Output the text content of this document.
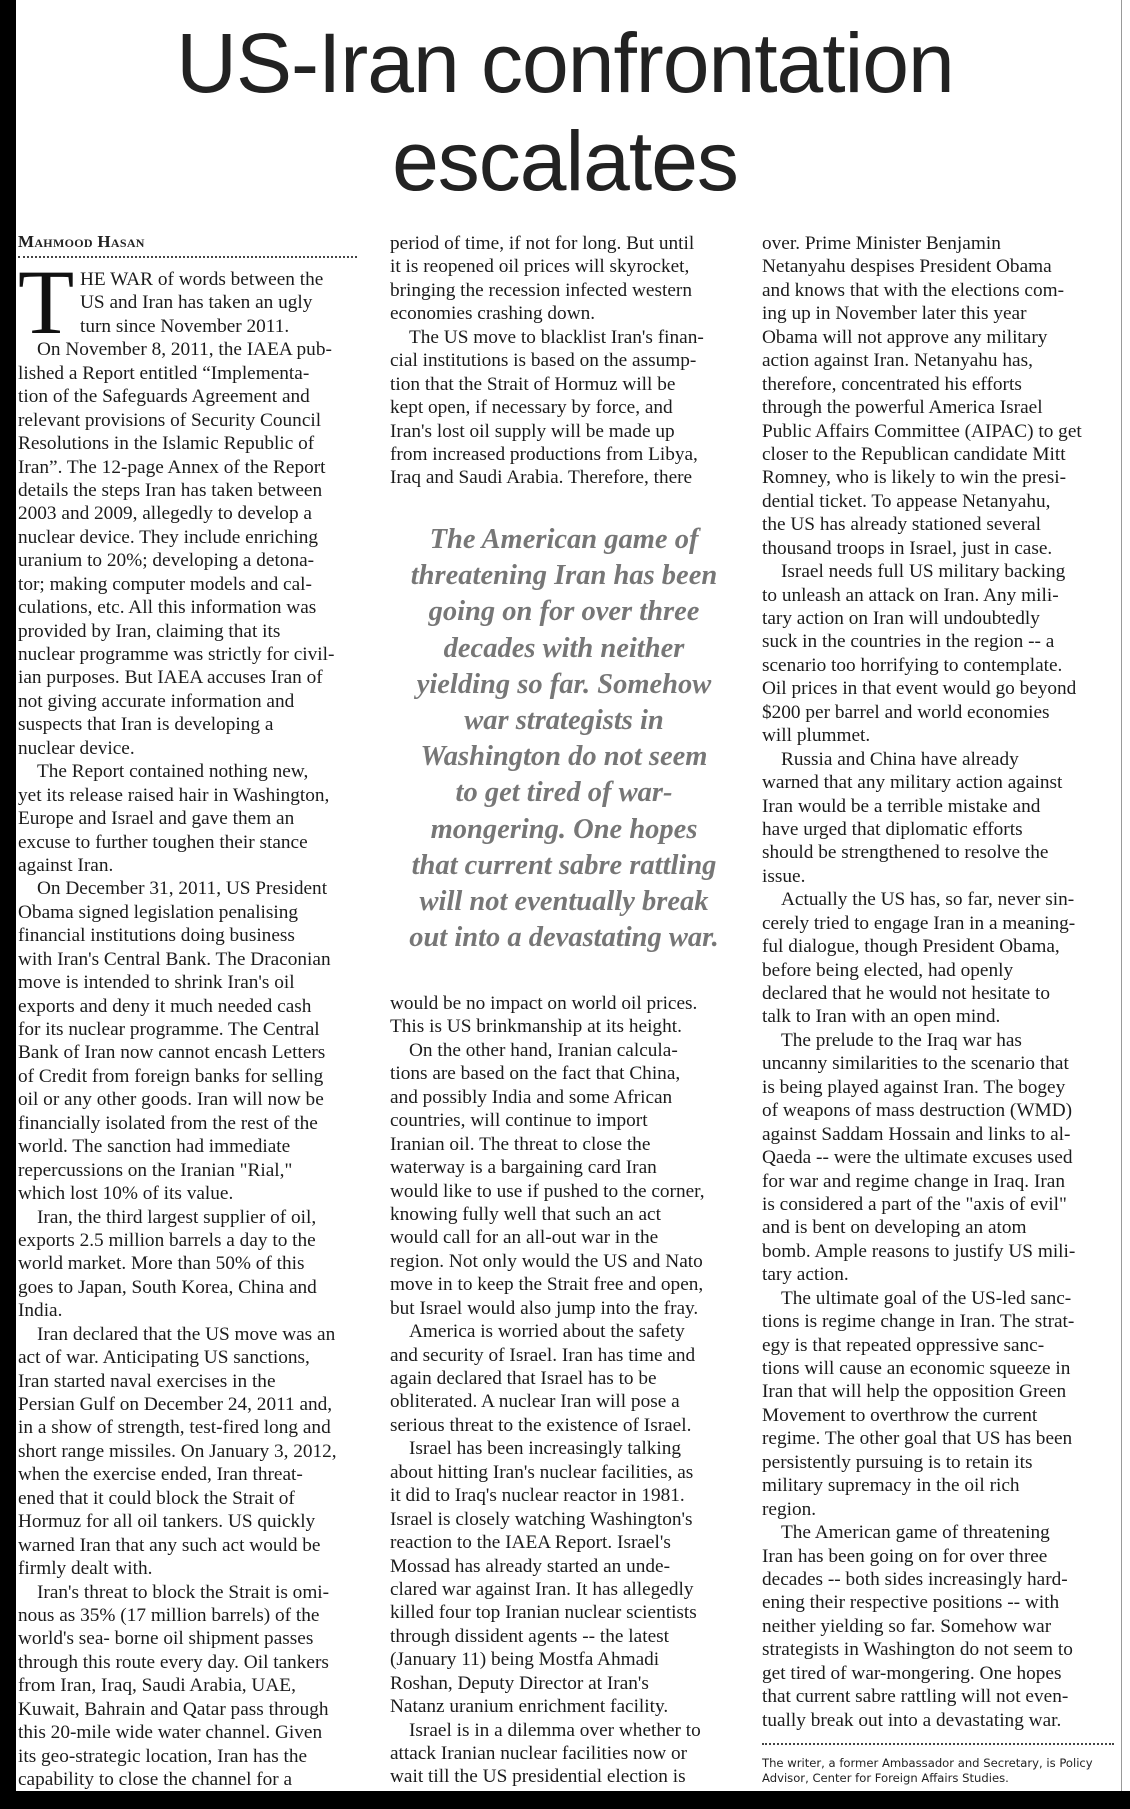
US-Iran confrontation
escalates
Mahmood Hasan
T HE WAR of words between the
US and Iran has taken an ugly
turn since November 2011.
On November 8, 2011, the IAEA pub-
lished a Report entitled “Implementa-
tion of the Safeguards Agreement and
relevant provisions of Security Council
Resolutions in the Islamic Republic of
Iran”. The 12-page Annex of the Report
details the steps Iran has taken between
2003 and 2009, allegedly to develop a
nuclear device. They include enriching
uranium to 20%; developing a detona-
tor; making computer models and cal-
culations, etc. All this information was
provided by Iran, claiming that its
nuclear programme was strictly for civil-
ian purposes. But IAEA accuses Iran of
not giving accurate information and
suspects that Iran is developing a
nuclear device.
The Report contained nothing new,
yet its release raised hair in Washington,
Europe and Israel and gave them an
excuse to further toughen their stance
against Iran.
On December 31, 2011, US President
Obama signed legislation penalising
financial institutions doing business
with Iran's Central Bank. The Draconian
move is intended to shrink Iran's oil
exports and deny it much needed cash
for its nuclear programme. The Central
Bank of Iran now cannot encash Letters
of Credit from foreign banks for selling
oil or any other goods. Iran will now be
financially isolated from the rest of the
world. The sanction had immediate
repercussions on the Iranian "Rial,"
which lost 10% of its value.
Iran, the third largest supplier of oil,
exports 2.5 million barrels a day to the
world market. More than 50% of this
goes to Japan, South Korea, China and
India.
Iran declared that the US move was an
act of war. Anticipating US sanctions,
Iran started naval exercises in the
Persian Gulf on December 24, 2011 and,
in a show of strength, test-fired long and
short range missiles. On January 3, 2012,
when the exercise ended, Iran threat-
ened that it could block the Strait of
Hormuz for all oil tankers. US quickly
warned Iran that any such act would be
firmly dealt with.
Iran's threat to block the Strait is omi-
nous as 35% (17 million barrels) of the
world's sea- borne oil shipment passes
through this route every day. Oil tankers
from Iran, Iraq, Saudi Arabia, UAE,
Kuwait, Bahrain and Qatar pass through
this 20-mile wide water channel. Given
its geo-strategic location, Iran has the
capability to close the channel for a
period of time, if not for long. But until
it is reopened oil prices will skyrocket,
bringing the recession infected western
economies crashing down.
The US move to blacklist Iran's finan-
cial institutions is based on the assump-
tion that the Strait of Hormuz will be
kept open, if necessary by force, and
Iran's lost oil supply will be made up
from increased productions from Libya,
Iraq and Saudi Arabia. Therefore, there
The American game of
threatening Iran has been
going on for over three
decades with neither
yielding so far. Somehow
war strategists in
Washington do not seem
to get tired of war-
mongering. One hopes
that current sabre rattling
will not eventually break
out into a devastating war.
would be no impact on world oil prices.
This is US brinkmanship at its height.
On the other hand, Iranian calcula-
tions are based on the fact that China,
and possibly India and some African
countries, will continue to import
Iranian oil. The threat to close the
waterway is a bargaining card Iran
would like to use if pushed to the corner,
knowing fully well that such an act
would call for an all-out war in the
region. Not only would the US and Nato
move in to keep the Strait free and open,
but Israel would also jump into the fray.
America is worried about the safety
and security of Israel. Iran has time and
again declared that Israel has to be
obliterated. A nuclear Iran will pose a
serious threat to the existence of Israel.
Israel has been increasingly talking
about hitting Iran's nuclear facilities, as
it did to Iraq's nuclear reactor in 1981.
Israel is closely watching Washington's
reaction to the IAEA Report. Israel's
Mossad has already started an unde-
clared war against Iran. It has allegedly
killed four top Iranian nuclear scientists
through dissident agents -- the latest
(January 11) being Mostfa Ahmadi
Roshan, Deputy Director at Iran's
Natanz uranium enrichment facility.
Israel is in a dilemma over whether to
attack Iranian nuclear facilities now or
wait till the US presidential election is
over. Prime Minister Benjamin
Netanyahu despises President Obama
and knows that with the elections com-
ing up in November later this year
Obama will not approve any military
action against Iran. Netanyahu has,
therefore, concentrated his efforts
through the powerful America Israel
Public Affairs Committee (AIPAC) to get
closer to the Republican candidate Mitt
Romney, who is likely to win the presi-
dential ticket. To appease Netanyahu,
the US has already stationed several
thousand troops in Israel, just in case.
Israel needs full US military backing
to unleash an attack on Iran. Any mili-
tary action on Iran will undoubtedly
suck in the countries in the region -- a
scenario too horrifying to contemplate.
Oil prices in that event would go beyond
$200 per barrel and world economies
will plummet.
Russia and China have already
warned that any military action against
Iran would be a terrible mistake and
have urged that diplomatic efforts
should be strengthened to resolve the
issue.
Actually the US has, so far, never sin-
cerely tried to engage Iran in a meaning-
ful dialogue, though President Obama,
before being elected, had openly
declared that he would not hesitate to
talk to Iran with an open mind.
The prelude to the Iraq war has
uncanny similarities to the scenario that
is being played against Iran. The bogey
of weapons of mass destruction (WMD)
against Saddam Hossain and links to al-
Qaeda -- were the ultimate excuses used
for war and regime change in Iraq. Iran
is considered a part of the "axis of evil"
and is bent on developing an atom
bomb. Ample reasons to justify US mili-
tary action.
The ultimate goal of the US-led sanc-
tions is regime change in Iran. The strat-
egy is that repeated oppressive sanc-
tions will cause an economic squeeze in
Iran that will help the opposition Green
Movement to overthrow the current
regime. The other goal that US has been
persistently pursuing is to retain its
military supremacy in the oil rich
region.
The American game of threatening
Iran has been going on for over three
decades -- both sides increasingly hard-
ening their respective positions -- with
neither yielding so far. Somehow war
strategists in Washington do not seem to
get tired of war-mongering. One hopes
that current sabre rattling will not even-
tually break out into a devastating war.
The writer, a former Ambassador and Secretary, is Policy
Advisor, Center for Foreign Affairs Studies.
